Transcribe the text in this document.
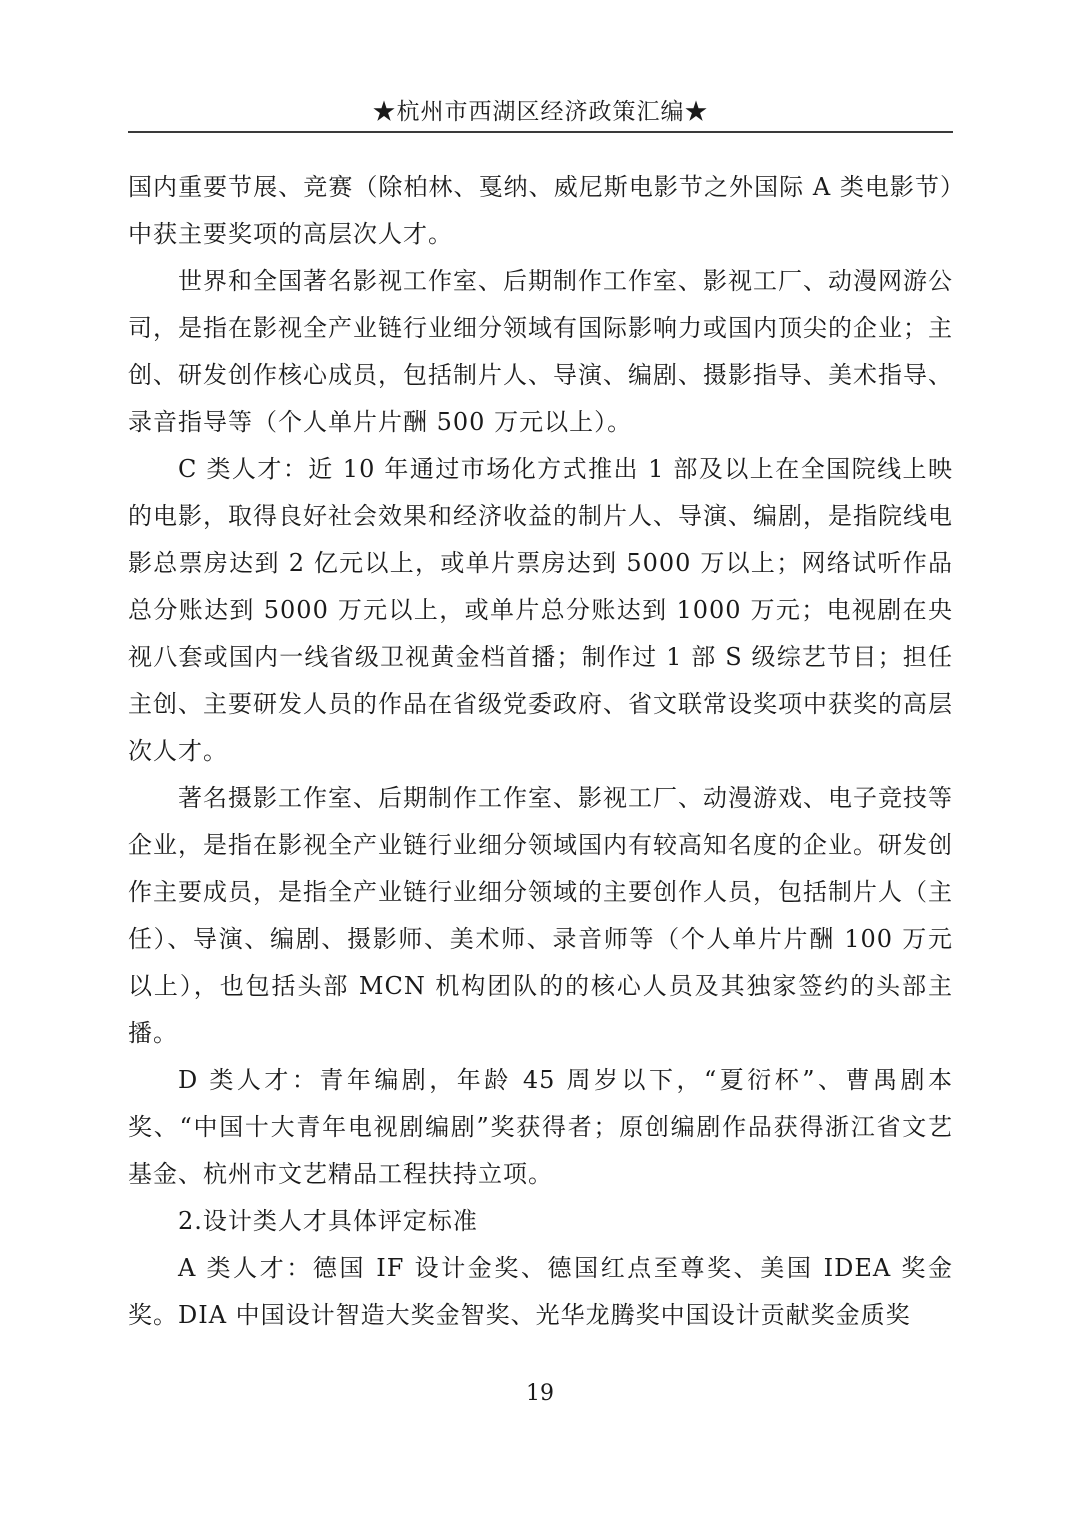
★杭州市西湖区经济政策汇编★

国内重要节展、竞赛（除柏林、戛纳、威尼斯电影节之外国际 A 类电影节）中获主要奖项的高层次人才。

世界和全国著名影视工作室、后期制作工作室、影视工厂、动漫网游公司，是指在影视全产业链行业细分领域有国际影响力或国内顶尖的企业；主创、研发创作核心成员，包括制片人、导演、编剧、摄影指导、美术指导、录音指导等（个人单片片酬 500 万元以上）。

C 类人才：近 10 年通过市场化方式推出 1 部及以上在全国院线上映的电影，取得良好社会效果和经济收益的制片人、导演、编剧，是指院线电影总票房达到 2 亿元以上，或单片票房达到 5000 万以上；网络试听作品总分账达到 5000 万元以上，或单片总分账达到 1000 万元；电视剧在央视八套或国内一线省级卫视黄金档首播；制作过 1 部 S 级综艺节目；担任主创、主要研发人员的作品在省级党委政府、省文联常设奖项中获奖的高层次人才。

著名摄影工作室、后期制作工作室、影视工厂、动漫游戏、电子竞技等企业，是指在影视全产业链行业细分领域国内有较高知名度的企业。研发创作主要成员，是指全产业链行业细分领域的主要创作人员，包括制片人（主任）、导演、编剧、摄影师、美术师、录音师等（个人单片片酬 100 万元以上），也包括头部 MCN 机构团队的的核心人员及其独家签约的头部主播。

D 类人才：青年编剧，年龄 45 周岁以下，“夏衍杯”、曹禺剧本奖、“中国十大青年电视剧编剧”奖获得者；原创编剧作品获得浙江省文艺基金、杭州市文艺精品工程扶持立项。

2.设计类人才具体评定标准

A 类人才：德国 IF 设计金奖、德国红点至尊奖、美国 IDEA 奖金奖。DIA 中国设计智造大奖金智奖、光华龙腾奖中国设计贡献奖金质奖

19
